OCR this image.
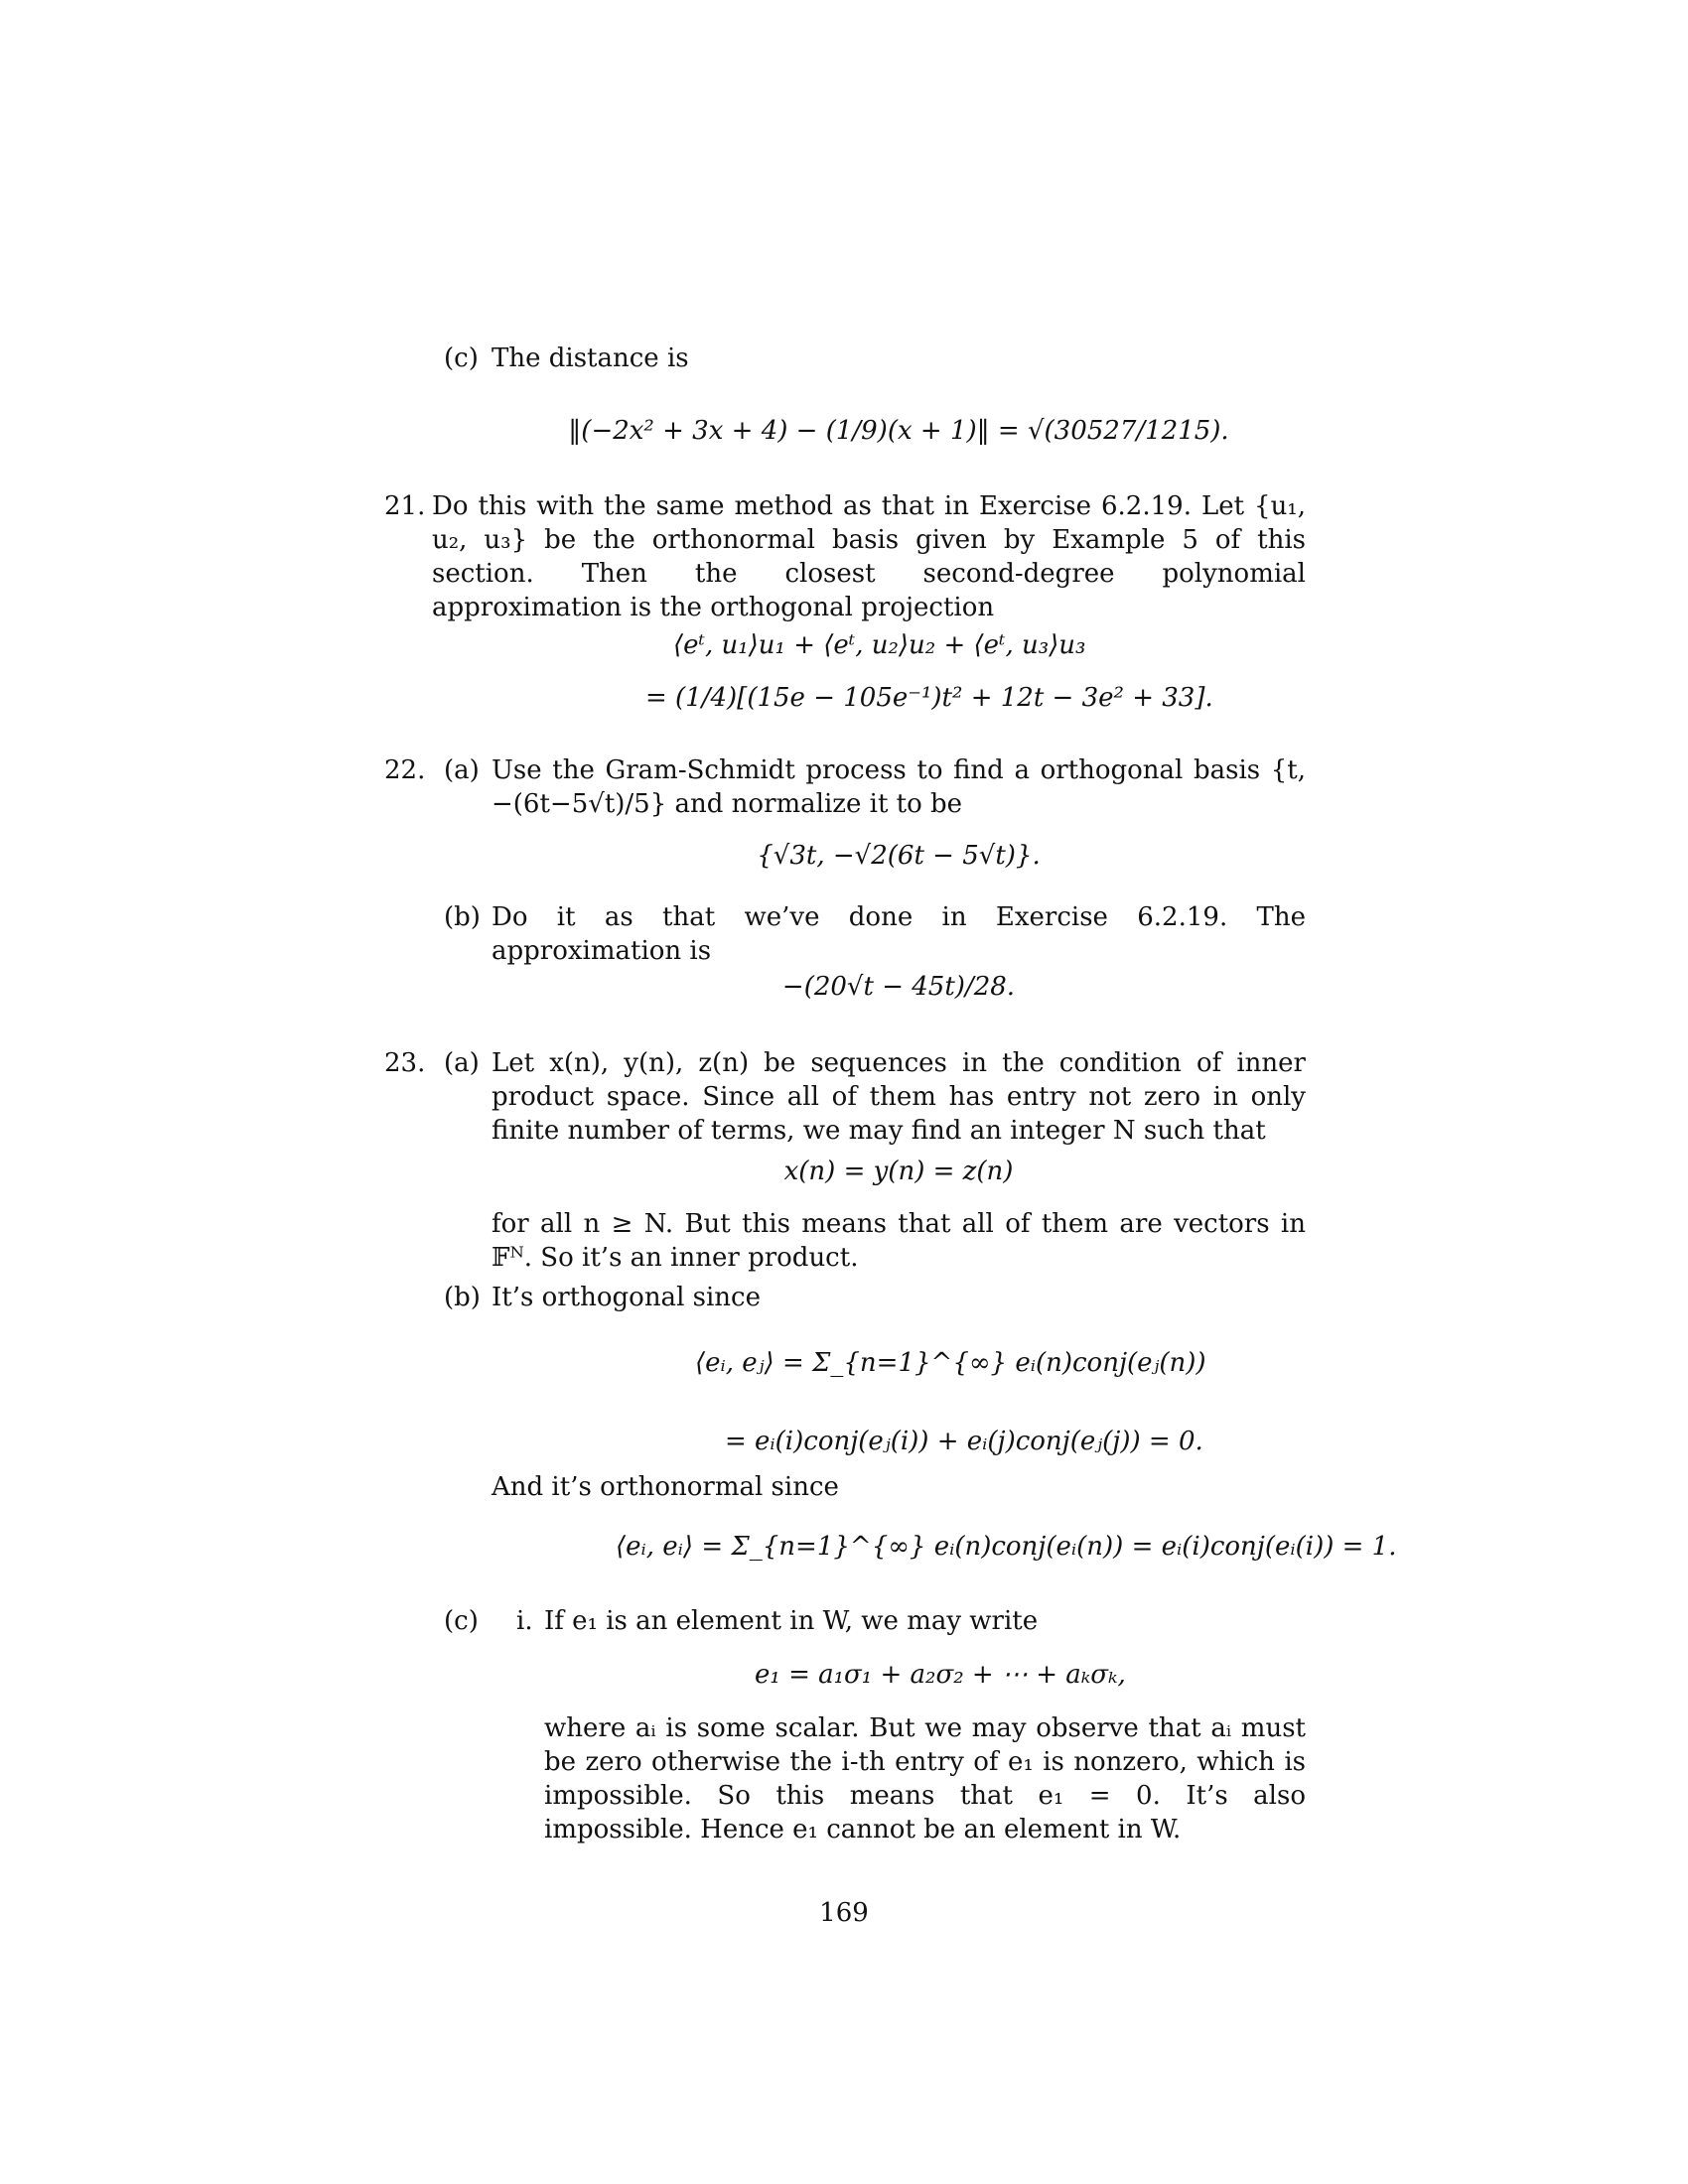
(c) The distance is
‖(−2x² + 3x + 4) − (1/9)(x + 1)‖ = √(30527/1215).
21. Do this with the same method as that in Exercise 6.2.19. Let {u₁, u₂, u₃} be the orthonormal basis given by Example 5 of this section. Then the closest second-degree polynomial approximation is the orthogonal projection
⟨eᵗ, u₁⟩u₁ + ⟨eᵗ, u₂⟩u₂ + ⟨eᵗ, u₃⟩u₃
= (1/4)[(15e − 105e⁻¹)t² + 12t − 3e² + 33].
22. (a) Use the Gram-Schmidt process to find a orthogonal basis {t, −(6t−5√t)/5} and normalize it to be
{√3t, −√2(6t − 5√t)}.
(b) Do it as that we’ve done in Exercise 6.2.19. The approximation is
−(20√t − 45t)/28.
23. (a) Let x(n), y(n), z(n) be sequences in the condition of inner product space. Since all of them has entry not zero in only finite number of terms, we may find an integer N such that
x(n) = y(n) = z(n)
for all n ≥ N. But this means that all of them are vectors in 𝔽ᴺ. So it’s an inner product.
(b) It’s orthogonal since
⟨eᵢ, eⱼ⟩ = Σ_{n=1}^{∞} eᵢ(n)conj(eⱼ(n))
= eᵢ(i)conj(eⱼ(i)) + eᵢ(j)conj(eⱼ(j)) = 0.
And it’s orthonormal since
⟨eᵢ, eᵢ⟩ = Σ_{n=1}^{∞} eᵢ(n)conj(eᵢ(n)) = eᵢ(i)conj(eᵢ(i)) = 1.
(c) i. If e₁ is an element in W, we may write
e₁ = a₁σ₁ + a₂σ₂ + ⋯ + aₖσₖ,
where aᵢ is some scalar. But we may observe that aᵢ must be zero otherwise the i-th entry of e₁ is nonzero, which is impossible. So this means that e₁ = 0. It’s also impossible. Hence e₁ cannot be an element in W.
169
